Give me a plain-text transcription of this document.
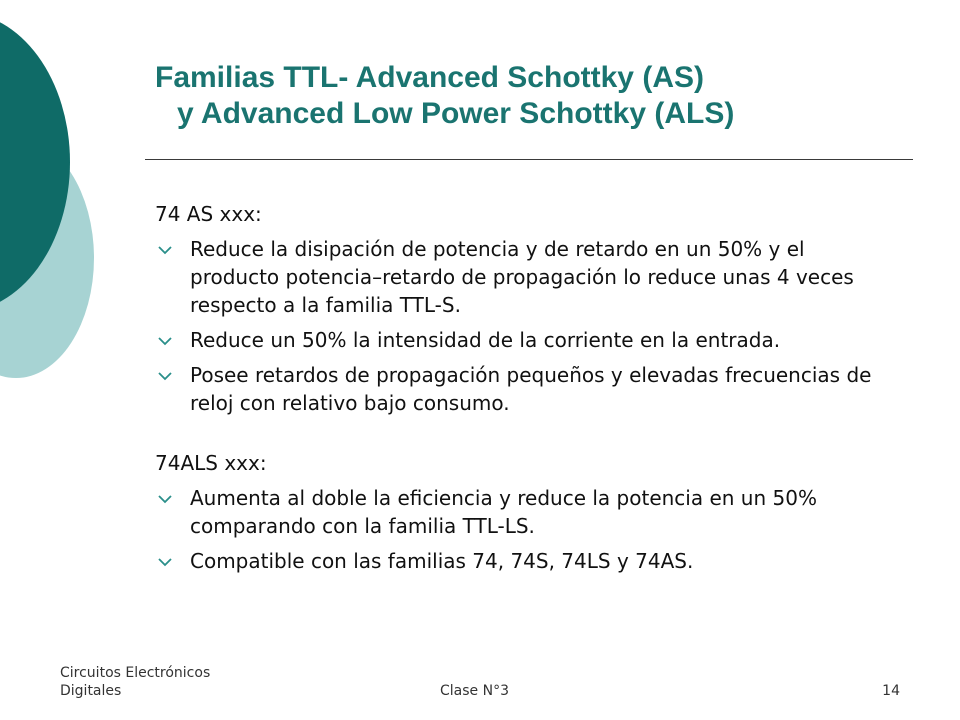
Familias TTL- Advanced Schottky (AS)
y Advanced Low Power Schottky (ALS)

74 AS xxx:

Reduce la disipación de potencia y de retardo en un 50% y el producto potencia–retardo de propagación lo reduce unas 4 veces respecto a la familia TTL-S.
Reduce un 50% la intensidad de la corriente en la entrada.
Posee retardos de propagación pequeños y elevadas frecuencias de reloj con relativo bajo consumo.

74ALS xxx:

Aumenta al doble la eficiencia y reduce la potencia en un 50% comparando con la familia TTL-LS.
Compatible con las familias 74, 74S, 74LS y 74AS.
Circuitos Electrónicos
Digitales	Clase N°3	14
